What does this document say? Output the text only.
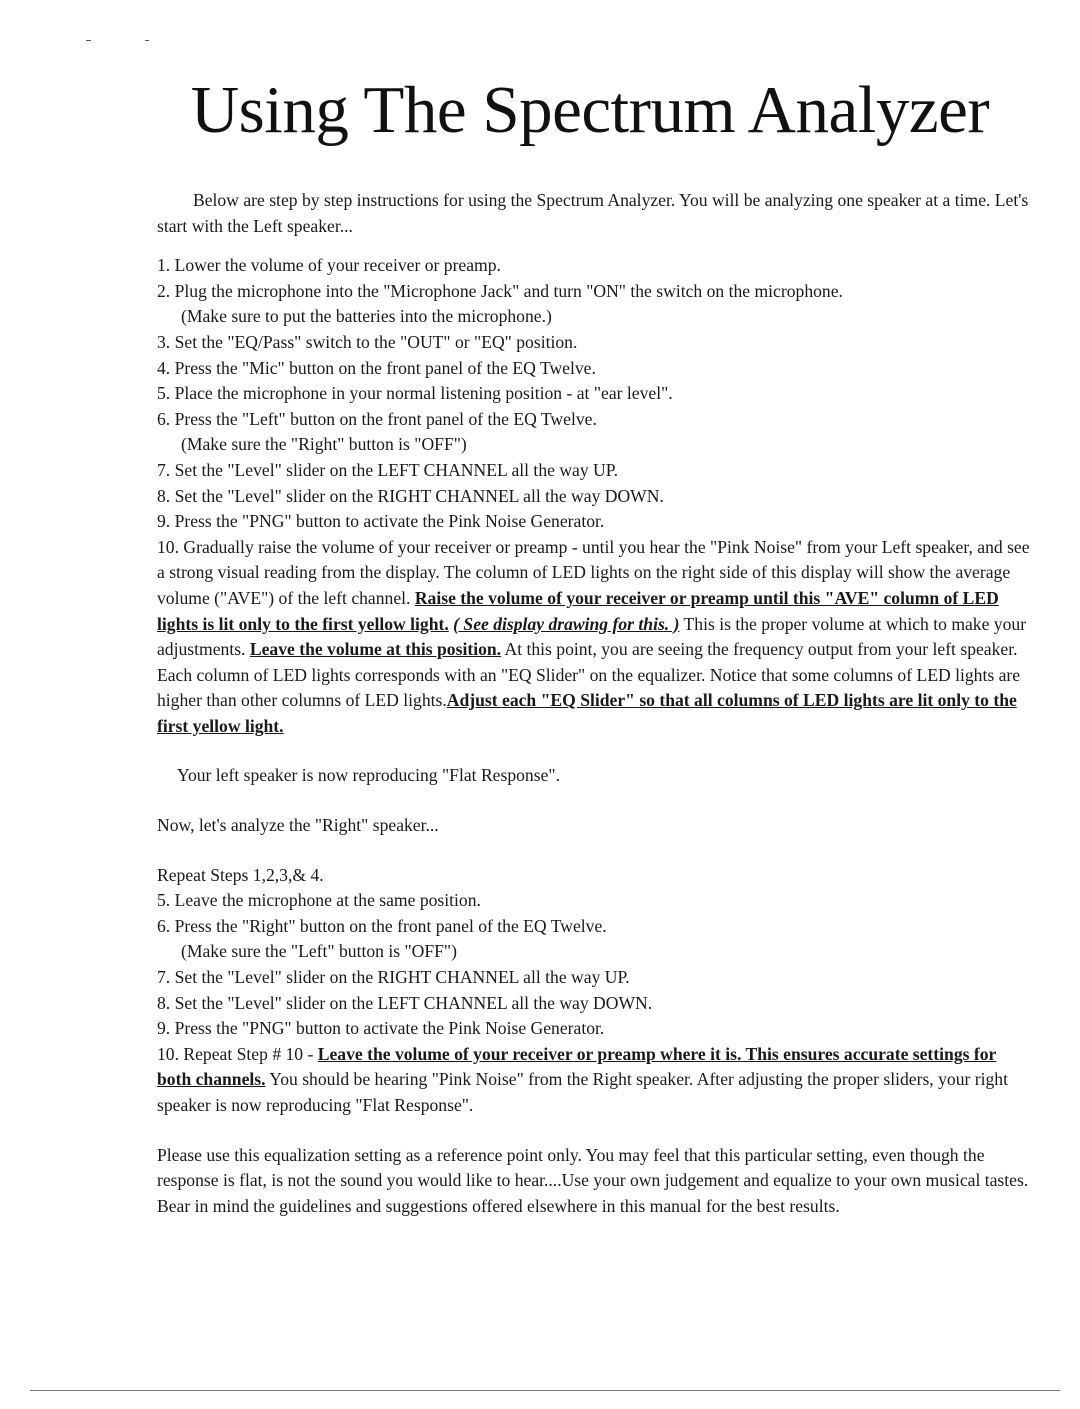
Using The Spectrum Analyzer

Below are step by step instructions for using the Spectrum Analyzer. You will be analyzing one speaker at a time. Let's start with the Left speaker...

1. Lower the volume of your receiver or preamp.

2. Plug the microphone into the "Microphone Jack" and turn "ON" the switch on the microphone.

(Make sure to put the batteries into the microphone.)

3. Set the "EQ/Pass" switch to the "OUT" or "EQ" position.

4. Press the "Mic" button on the front panel of the EQ Twelve.

5. Place the microphone in your normal listening position - at "ear level".

6. Press the "Left" button on the front panel of the EQ Twelve.

(Make sure the "Right" button is "OFF")

7. Set the "Level" slider on the LEFT CHANNEL all the way UP.

8. Set the "Level" slider on the RIGHT CHANNEL all the way DOWN.

9. Press the "PNG" button to activate the Pink Noise Generator.

10. Gradually raise the volume of your receiver or preamp - until you hear the "Pink Noise" from your Left speaker, and see a strong visual reading from the display. The column of LED lights on the right side of this display will show the average volume ("AVE") of the left channel. Raise the volume of your receiver or preamp until this "AVE" column of LED lights is lit only to the first yellow light. ( See display drawing for this. ) This is the proper volume at which to make your adjustments. Leave the volume at this position. At this point, you are seeing the frequency output from your left speaker. Each column of LED lights corresponds with an "EQ Slider" on the equalizer. Notice that some columns of LED lights are higher than other columns of LED lights.Adjust each "EQ Slider" so that all columns of LED lights are lit only to the first yellow light.

Your left speaker is now reproducing "Flat Response".

Now, let's analyze the "Right" speaker...

Repeat Steps 1,2,3,& 4.

5. Leave the microphone at the same position.

6. Press the "Right" button on the front panel of the EQ Twelve.

(Make sure the "Left" button is "OFF")

7. Set the "Level" slider on the RIGHT CHANNEL all the way UP.

8. Set the "Level" slider on the LEFT CHANNEL all the way DOWN.

9. Press the "PNG" button to activate the Pink Noise Generator.

10. Repeat Step # 10 - Leave the volume of your receiver or preamp where it is. This ensures accurate settings for both channels. You should be hearing "Pink Noise" from the Right speaker. After adjusting the proper sliders, your right speaker is now reproducing "Flat Response".

Please use this equalization setting as a reference point only. You may feel that this particular setting, even though the response is flat, is not the sound you would like to hear....Use your own judgement and equalize to your own musical tastes. Bear in mind the guidelines and suggestions offered elsewhere in this manual for the best results.
